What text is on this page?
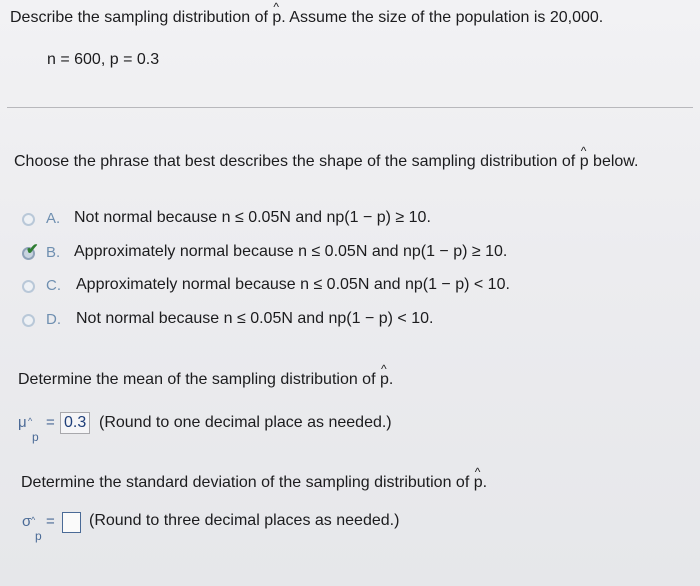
Describe the sampling distribution of ^ p. Assume the size of the population is 20,000.
n = 600, p = 0.3
Choose the phrase that best describes the shape of the sampling distribution of ^ p below.
A. Not normal because n ≤ 0.05N and np(1 − p) ≥ 10.
✔ B. Approximately normal because n ≤ 0.05N and np(1 − p) ≥ 10.
C. Approximately normal because n ≤ 0.05N and np(1 − p) < 10.
D. Not normal because n ≤ 0.05N and np(1 − p) < 10.
Determine the mean of the sampling distribution of ^ p.
μ ^
p
= 0.3 (Round to one decimal place as needed.)
Determine the standard deviation of the sampling distribution of ^ p.
σ ^
p
= (Round to three decimal places as needed.)
